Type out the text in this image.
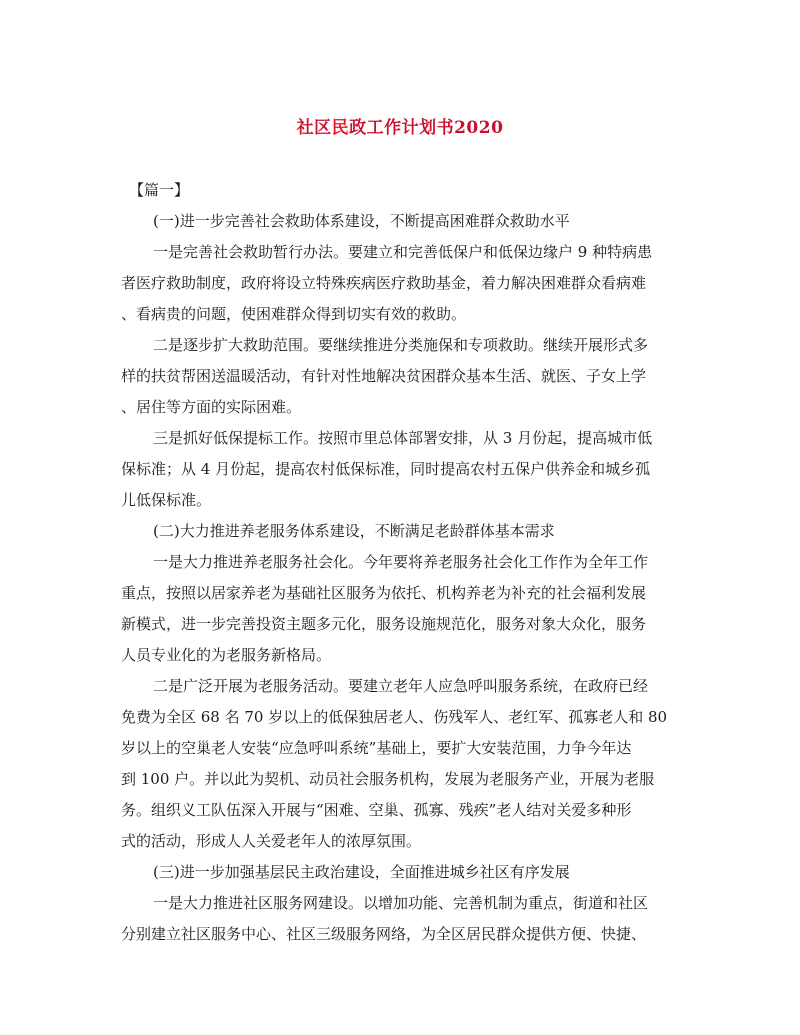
社区民政工作计划书2020
【篇一】
(一)进一步完善社会救助体系建设，不断提高困难群众救助水平
一是完善社会救助暂行办法。要建立和完善低保户和低保边缘户 9 种特病患
者医疗救助制度，政府将设立特殊疾病医疗救助基金，着力解决困难群众看病难
、看病贵的问题，使困难群众得到切实有效的救助。
二是逐步扩大救助范围。要继续推进分类施保和专项救助。继续开展形式多
样的扶贫帮困送温暖活动，有针对性地解决贫困群众基本生活、就医、子女上学
、居住等方面的实际困难。
三是抓好低保提标工作。按照市里总体部署安排，从 3 月份起，提高城市低
保标准；从 4 月份起，提高农村低保标准，同时提高农村五保户供养金和城乡孤
儿低保标准。
(二)大力推进养老服务体系建设，不断满足老龄群体基本需求
一是大力推进养老服务社会化。今年要将养老服务社会化工作作为全年工作
重点，按照以居家养老为基础社区服务为依托、机构养老为补充的社会福利发展
新模式，进一步完善投资主题多元化，服务设施规范化，服务对象大众化，服务
人员专业化的为老服务新格局。
二是广泛开展为老服务活动。要建立老年人应急呼叫服务系统，在政府已经
免费为全区 68 名 70 岁以上的低保独居老人、伤残军人、老红军、孤寡老人和 80
岁以上的空巢老人安装“应急呼叫系统”基础上，要扩大安装范围，力争今年达
到 100 户。并以此为契机、动员社会服务机构，发展为老服务产业，开展为老服
务。组织义工队伍深入开展与“困难、空巢、孤寡、残疾”老人结对关爱多种形
式的活动，形成人人关爱老年人的浓厚氛围。
(三)进一步加强基层民主政治建设，全面推进城乡社区有序发展
一是大力推进社区服务网建设。以增加功能、完善机制为重点，街道和社区
分别建立社区服务中心、社区三级服务网络，为全区居民群众提供方便、快捷、
